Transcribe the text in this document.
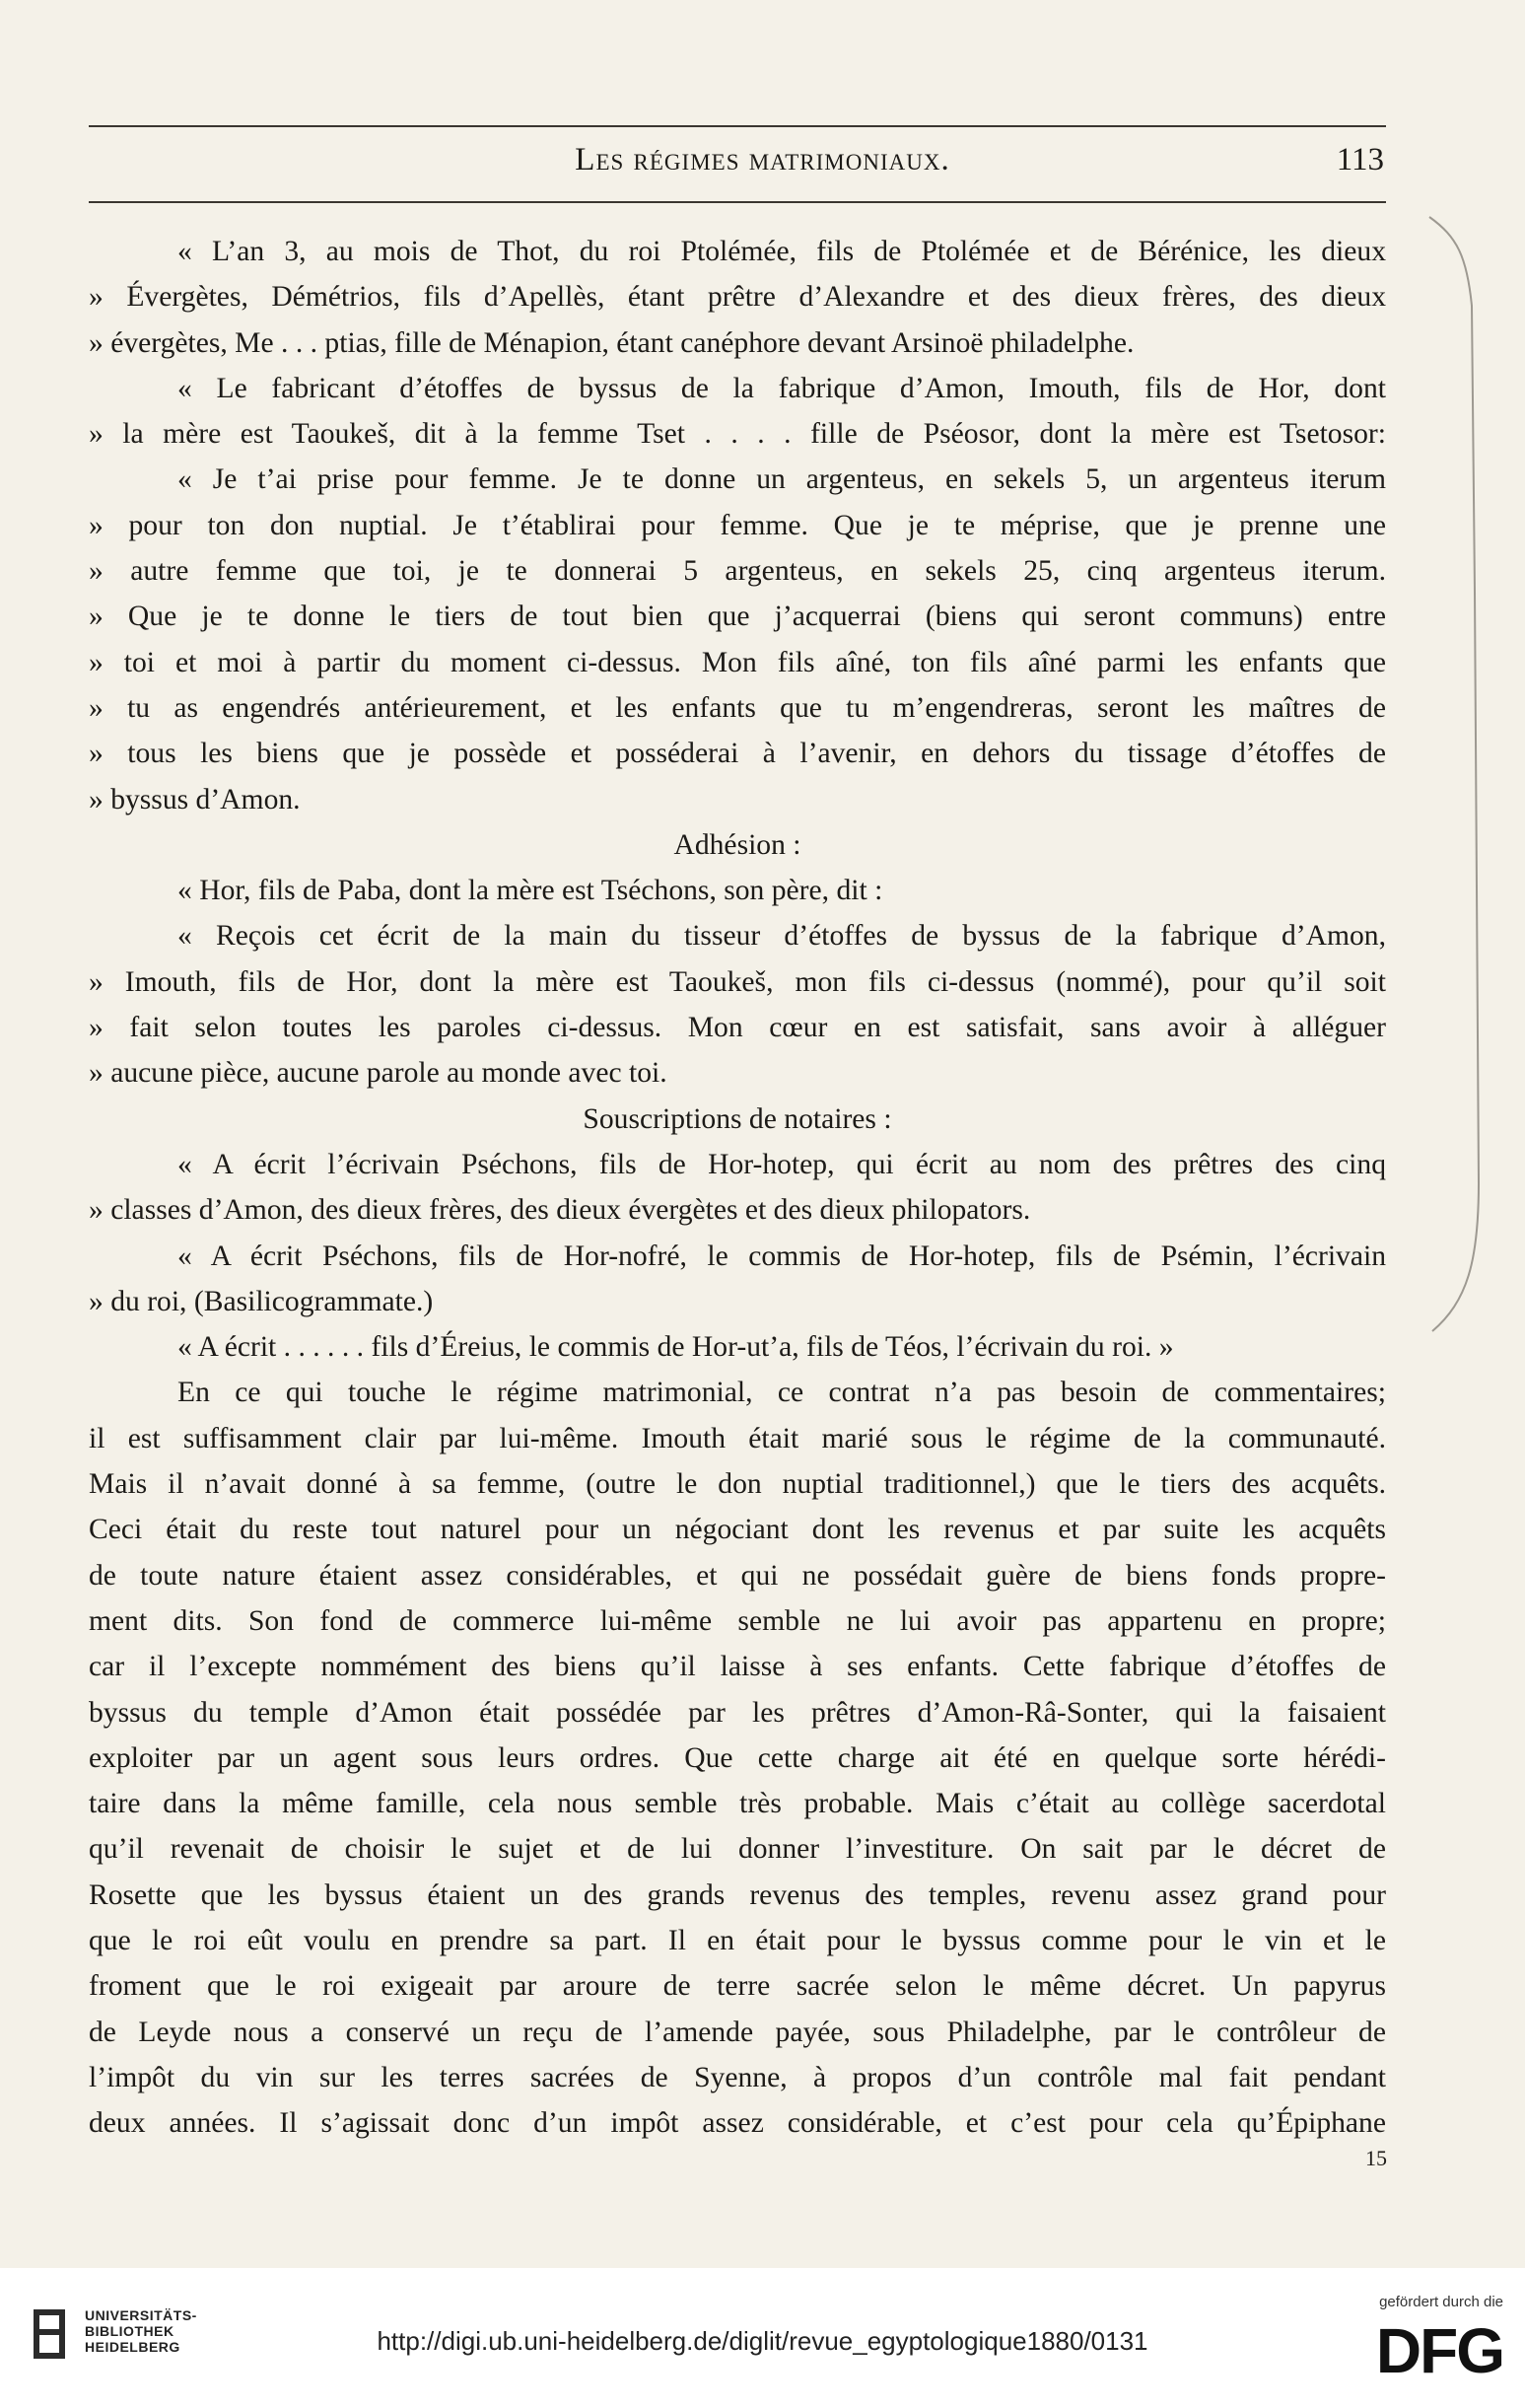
Les régimes matrimoniaux.	113
« L’an 3, au mois de Thot, du roi Ptolémée, fils de Ptolémée et de Bérénice, les dieux
» Évergètes, Démétrios, fils d’Apellès, étant prêtre d’Alexandre et des dieux frères, des dieux
» évergètes, Me . . . ptias, fille de Ménapion, étant canéphore devant Arsinoë philadelphe.
« Le fabricant d’étoffes de byssus de la fabrique d’Amon, Imouth, fils de Hor, dont
» la mère est Taoukeš, dit à la femme Tset . . . . fille de Pséosor, dont la mère est Tsetosor:
« Je t’ai prise pour femme. Je te donne un argenteus, en sekels 5, un argenteus iterum
» pour ton don nuptial. Je t’établirai pour femme. Que je te méprise, que je prenne une
» autre femme que toi, je te donnerai 5 argenteus, en sekels 25, cinq argenteus iterum.
» Que je te donne le tiers de tout bien que j’acquerrai (biens qui seront communs) entre
» toi et moi à partir du moment ci-dessus. Mon fils aîné, ton fils aîné parmi les enfants que
» tu as engendrés antérieurement, et les enfants que tu m’engendreras, seront les maîtres de
» tous les biens que je possède et posséderai à l’avenir, en dehors du tissage d’étoffes de
» byssus d’Amon.
Adhésion :
« Hor, fils de Paba, dont la mère est Tséchons, son père, dit :
« Reçois cet écrit de la main du tisseur d’étoffes de byssus de la fabrique d’Amon,
» Imouth, fils de Hor, dont la mère est Taoukeš, mon fils ci-dessus (nommé), pour qu’il soit
» fait selon toutes les paroles ci-dessus. Mon cœur en est satisfait, sans avoir à alléguer
» aucune pièce, aucune parole au monde avec toi.
Souscriptions de notaires :
« A écrit l’écrivain Pséchons, fils de Hor-hotep, qui écrit au nom des prêtres des cinq
» classes d’Amon, des dieux frères, des dieux évergètes et des dieux philopators.
« A écrit Pséchons, fils de Hor-nofré, le commis de Hor-hotep, fils de Psémin, l’écrivain
» du roi, (Basilicogrammate.)
« A écrit . . . . . . fils d’Éreius, le commis de Hor-ut’a, fils de Téos, l’écrivain du roi. »
En ce qui touche le régime matrimonial, ce contrat n’a pas besoin de commentaires;
il est suffisamment clair par lui-même. Imouth était marié sous le régime de la communauté.
Mais il n’avait donné à sa femme, (outre le don nuptial traditionnel,) que le tiers des acquêts.
Ceci était du reste tout naturel pour un négociant dont les revenus et par suite les acquêts
de toute nature étaient assez considérables, et qui ne possédait guère de biens fonds propre-
ment dits. Son fond de commerce lui-même semble ne lui avoir pas appartenu en propre;
car il l’excepte nommément des biens qu’il laisse à ses enfants. Cette fabrique d’étoffes de
byssus du temple d’Amon était possédée par les prêtres d’Amon-Râ-Sonter, qui la faisaient
exploiter par un agent sous leurs ordres. Que cette charge ait été en quelque sorte hérédi-
taire dans la même famille, cela nous semble très probable. Mais c’était au collège sacerdotal
qu’il revenait de choisir le sujet et de lui donner l’investiture. On sait par le décret de
Rosette que les byssus étaient un des grands revenus des temples, revenu assez grand pour
que le roi eût voulu en prendre sa part. Il en était pour le byssus comme pour le vin et le
froment que le roi exigeait par aroure de terre sacrée selon le même décret. Un papyrus
de Leyde nous a conservé un reçu de l’amende payée, sous Philadelphe, par le contrôleur de
l’impôt du vin sur les terres sacrées de Syenne, à propos d’un contrôle mal fait pendant
deux années. Il s’agissait donc d’un impôt assez considérable, et c’est pour cela qu’Épiphane
15
UNIVERSITÄTS-
BIBLIOTHEK
HEIDELBERG	http://digi.ub.uni-heidelberg.de/diglit/revue_egyptologique1880/0131
gefördert durch die
DFG
